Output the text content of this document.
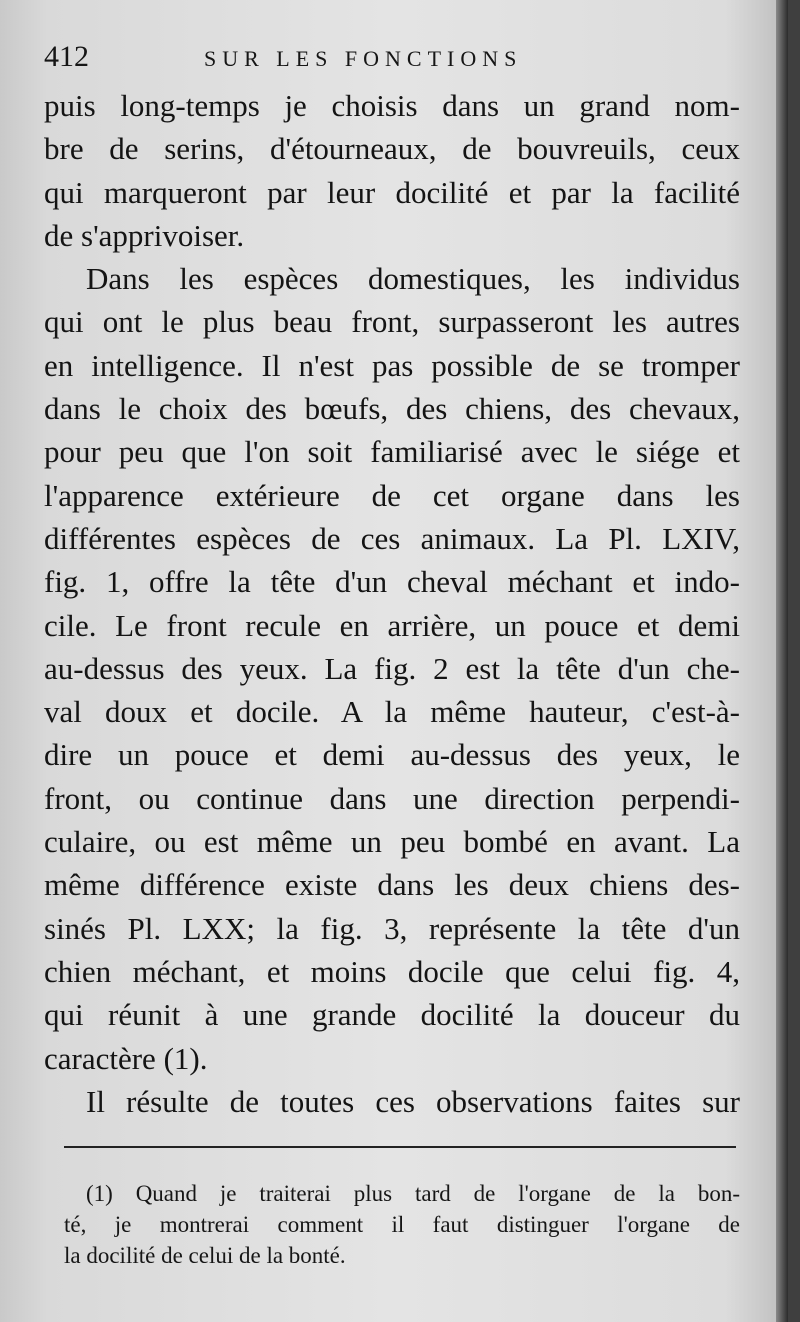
412	SUR LES FONCTIONS
puis long-temps je choisis dans un grand nom-
bre de serins, d'étourneaux, de bouvreuils, ceux
qui marqueront par leur docilité et par la facilité
de s'apprivoiser.
Dans les espèces domestiques, les individus
qui ont le plus beau front, surpasseront les autres
en intelligence. Il n'est pas possible de se tromper
dans le choix des bœufs, des chiens, des chevaux,
pour peu que l'on soit familiarisé avec le siége et
l'apparence extérieure de cet organe dans les
différentes espèces de ces animaux. La Pl. LXIV,
fig. 1, offre la tête d'un cheval méchant et indo-
cile. Le front recule en arrière, un pouce et demi
au-dessus des yeux. La fig. 2 est la tête d'un che-
val doux et docile. A la même hauteur, c'est-à-
dire un pouce et demi au-dessus des yeux, le
front, ou continue dans une direction perpendi-
culaire, ou est même un peu bombé en avant. La
même différence existe dans les deux chiens des-
sinés Pl. LXX; la fig. 3, représente la tête d'un
chien méchant, et moins docile que celui fig. 4,
qui réunit à une grande docilité la douceur du
caractère (1).
Il résulte de toutes ces observations faites sur
(1) Quand je traiterai plus tard de l'organe de la bon-
té, je montrerai comment il faut distinguer l'organe de
la docilité de celui de la bonté.
